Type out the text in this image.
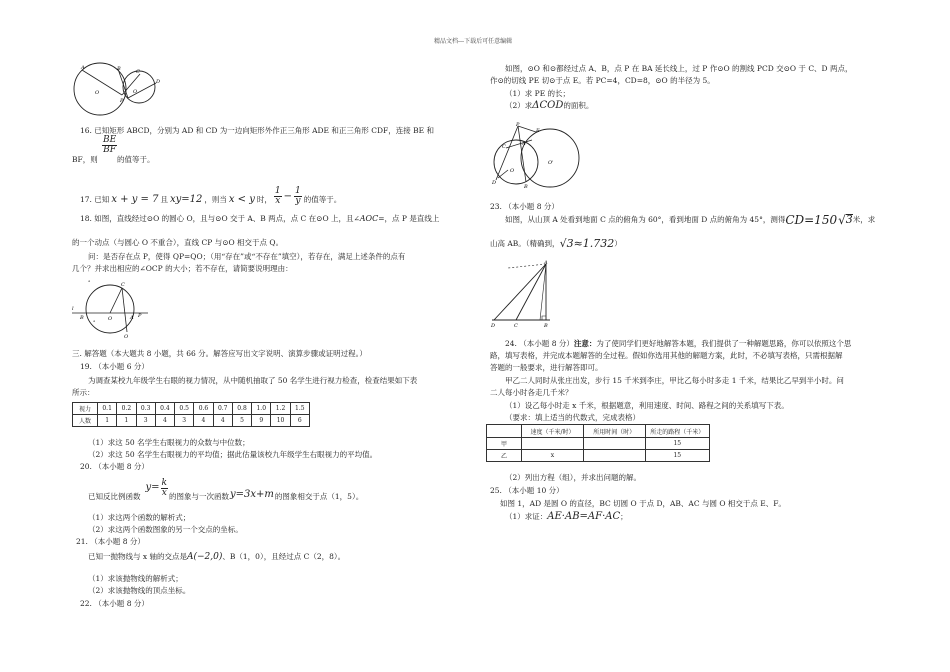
精品文档---下载后可任意编辑
A	B	C
D
P
O	O
16. 已知矩形 ABCD，分别为 AD 和 CD 为一边向矩形外作正三角形 ADE 和正三角形 CDF，连接 BE 和
$\frac{BE}{BF}$
BF，则	的值等于。
17. 已知 x + y = 7 且 xy=12 ，则当 x < y 时， $\frac{1}{x} - \frac{1}{y}$ 的值等于。
18. 如图，直线经过⊙O 的圆心 O，且与⊙O 交于 A、B 两点，点 C 在⊙O 上，且∠AOC=，点 P 是直线上
的一个动点（与圆心 O 不重合），直线 CP 与⊙O 相交于点 Q。
问：是否存在点 P，使得 QP=QO；（用“存在”或“不存在”填空），若存在，满足上述条件的点有
几个？并求出相应的∠OCP 的大小；若不存在，请简要说明理由：
°
l
B
°
C
A P
Q
O
三. 解答题（本大题共 8 小题，共 66 分。解答应写出文字说明、演算步骤或证明过程。）
19. （本小题 6 分）
为调查某校九年级学生右眼的视力情况，从中随机抽取了 50 名学生进行视力检查，检查结果如下表
所示：
视力	0.1	0.2	0.3	0.4	0.5	0.6	0.7	0.8	1.0	1.2	1.5
人数	1	1	3	4	3	4	4	5	9	10	6
（1）求这 50 名学生右眼视力的众数与中位数；
（2）求这 50 名学生右眼视力的平均值；据此估量该校九年级学生右眼视力的平均值。
20. （本小题 8 分）
已知反比例函数
$y= \frac{k}{x}$ 的图象与一次函数 y=3x+m 的图象相交于点（1，5）。
（1）求这两个函数的解析式；
（2）求这两个函数图象的另一个交点的坐标。
21. （本小题 8 分）
已知一抛物线与 x 轴的交点是A(−2,0)、B（1，0），且经过点 C（2，8）。
（1）求该抛物线的解析式；
（2）求该抛物线的顶点坐标。
22. （本小题 8 分）
如图，⊙O 和⊙都经过点 A、B，点 P 在 BA 延长线上，过 P 作⊙O 的割线 PCD 交⊙O 于 C、D 两点，
作⊙的切线 PE 切⊙于点 E。若 PC=4，CD=8，⊙O 的半径为 5。
（1）求 PE 的长；
（2）求ΔCOD的面积。
P
E
C	A
O
D
B
O'
23. （本小题 8 分）
如图，从山顶 A 处看到地面 C 点的俯角为 60°，看到地面 D 点的俯角为 45°，测得 CD=150 √ 3 米，求
山高 AB。（精确到， √ 3≈1.732 ）
A
D	C	B
24. （本小题 8 分）注意：为了使同学们更好地解答本题，我们提供了一种解题思路，你可以依照这个思
路，填写表格，并完成本题解答的全过程。假如你选用其他的解题方案，此时，不必填写表格，只需根据解
答题的一般要求，进行解答即可。
甲乙二人同时从张庄出发，步行 15 千米到李庄，甲比乙每小时多走 1 千米，结果比乙早到半小时。问
二人每小时各走几千米？
（1）设乙每小时走 x 千米，根据题意，利用速度、时间、路程之间的关系填写下表。
（要求：填上适当的代数式，完成表格）
	速度（千米/时）	所用时间（时）	所走的路程（千米）
甲			15
乙	x		15
（2）列出方程（组），并求出问题的解。
25. （本小题 10 分）
如图 1，AD 是圆 O 的直径，BC 切圆 O 于点 D，AB、AC 与圆 O 相交于点 E、F。
（1）求证：AE·AB=AF·AC；
